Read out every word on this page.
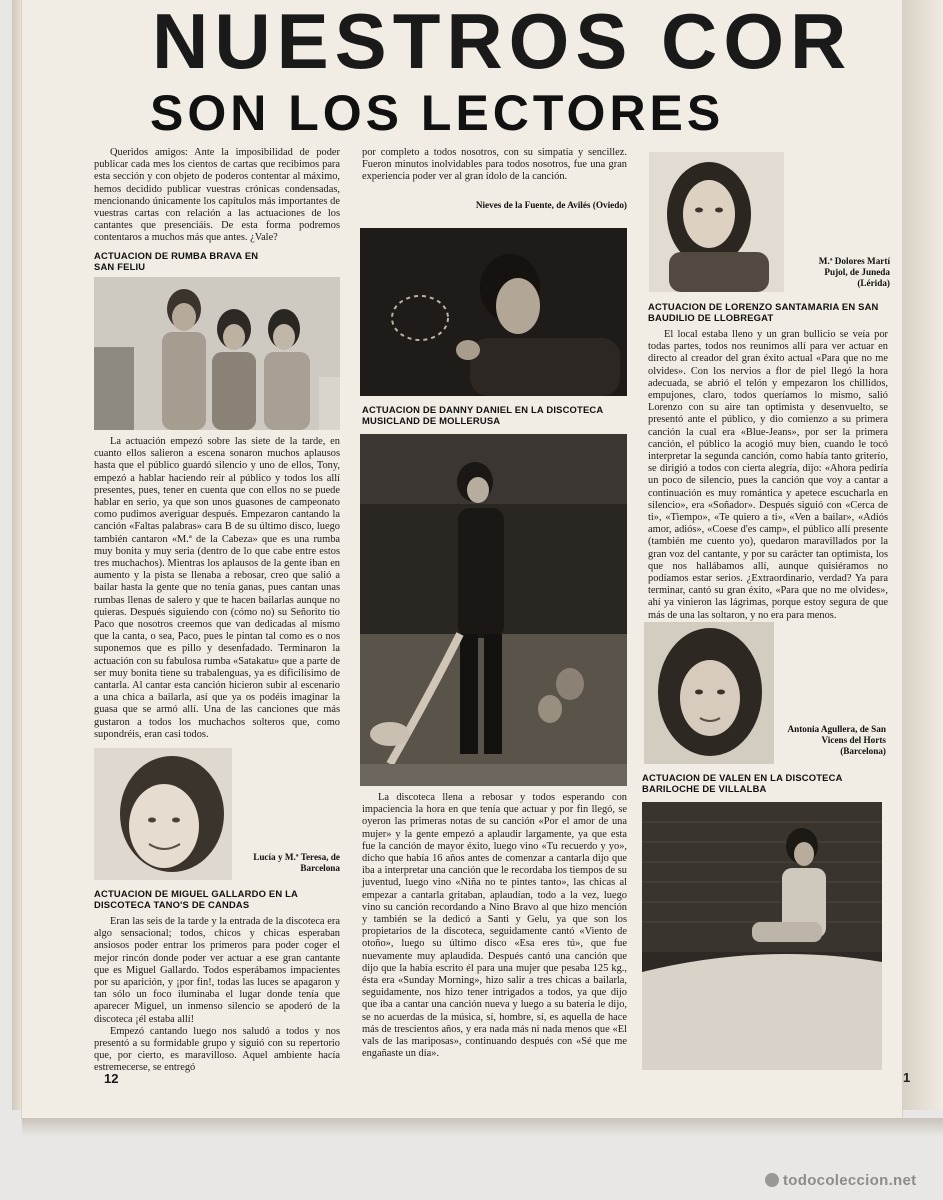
NUESTROS COR
SON LOS LECTORES

Queridos amigos: Ante la imposibilidad de poder publicar cada mes los cientos de cartas que recibimos para esta sección y con objeto de poderos contentar al máximo, hemos decidido publicar vuestras crónicas condensadas, mencionando únicamente los capítulos más importantes de vuestras cartas con relación a las actuaciones de los cantantes que presenciáis. De esta forma podremos contentaros a muchos más que antes. ¿Vale?

ACTUACION DE RUMBA BRAVA EN SAN FELIU

La actuación empezó sobre las siete de la tarde, en cuanto ellos salieron a escena sonaron muchos aplausos hasta que el público guardó silencio y uno de ellos, Tony, empezó a hablar haciendo reír al público y todos los allí presentes, pues, tener en cuenta que con ellos no se puede hablar en serio, ya que son unos guasones de campeonato como pudimos averiguar después. Empezaron cantando la canción «Faltas palabras» cara B de su último disco, luego también cantaron «M.ª de la Cabeza» que es una rumba muy bonita y muy seria (dentro de lo que cabe entre estos tres muchachos). Mientras los aplausos de la gente iban en aumento y la pista se llenaba a rebosar, creo que salió a bailar hasta la gente que no tenía ganas, pues cantan unas rumbas llenas de salero y que te hacen bailarlas aunque no quieras. Después siguiendo con (cómo no) su Señorito tío Paco que nosotros creemos que van dedicadas al mismo que la canta, o sea, Paco, pues le pintan tal como es o nos suponemos que es pillo y desenfadado. Terminaron la actuación con su fabulosa rumba «Satakatu» que a parte de ser muy bonita tiene su trabalenguas, ya es dificilísimo de cantarla. Al cantar esta canción hicieron subir al escenario a una chica a bailarla, así que ya os podéis imaginar la guasa que se armó allí. Una de las canciones que más gustaron a todos los muchachos solteros que, como supondréis, eran casi todos.

Lucía y M.ª Teresa, de Barcelona
ACTUACION DE MIGUEL GALLARDO EN LA DISCOTECA TANO'S DE CANDAS

Eran las seis de la tarde y la entrada de la discoteca era algo sensacional; todos, chicos y chicas esperaban ansiosos poder entrar los primeros para poder coger el mejor rincón donde poder ver actuar a ese gran cantante que es Miguel Gallardo. Todos esperábamos impacientes por su aparición, y ¡por fin!, todas las luces se apagaron y tan sólo un foco iluminaba el lugar donde tenía que aparecer Miguel, un inmenso silencio se apoderó de la discoteca ¡él estaba allí!

Empezó cantando luego nos saludó a todos y nos presentó a su formidable grupo y siguió con su repertorio que, por cierto, es maravilloso. Aquel ambiente hacía estremecerse, se entregó

por completo a todos nosotros, con su simpatía y sencillez. Fueron minutos inolvidables para todos nosotros, fue una gran experiencia poder ver al gran ídolo de la canción.

Nieves de la Fuente, de Avilés (Oviedo)
ACTUACION DE DANNY DANIEL EN LA DISCOTECA MUSICLAND DE MOLLERUSA

La discoteca llena a rebosar y todos esperando con impaciencia la hora en que tenía que actuar y por fin llegó, se oyeron las primeras notas de su canción «Por el amor de una mujer» y la gente empezó a aplaudir largamente, ya que esta fue la canción de mayor éxito, luego vino «Tu recuerdo y yo», dicho que había 16 años antes de comenzar a cantarla dijo que iba a interpretar una canción que le recordaba los tiempos de su juventud, luego vino «Niña no te pintes tanto», las chicas al empezar a cantarla gritaban, aplaudían, todo a la vez, luego vino su canción recordando a Nino Bravo al que hizo mención y también se la dedicó a Santi y Gelu, ya que son los propietarios de la discoteca, seguidamente cantó «Viento de otoño», luego su último disco «Esa eres tú», que fue nuevamente muy aplaudida. Después cantó una canción que dijo que la había escrito él para una mujer que pesaba 125 kg., ésta era «Sunday Morning», hizo salir a tres chicas a bailarla, seguidamente, nos hizo tener intrigados a todos, ya que dijo que iba a cantar una canción nueva y luego a su batería le dijo, se no acuerdas de la música, sí, hombre, sí, es aquella de hace más de trescientos años, y era nada más ni nada menos que «El vals de las mariposas», continuando después con «Sé que me engañaste un día».

M.ª Dolores Martí Pujol, de Juneda (Lérida)
ACTUACION DE LORENZO SANTAMARIA EN SAN BAUDILIO DE LLOBREGAT

El local estaba lleno y un gran bullicio se veía por todas partes, todos nos reunimos allí para ver actuar en directo al creador del gran éxito actual «Para que no me olvides». Con los nervios a flor de piel llegó la hora adecuada, se abrió el telón y empezaron los chillidos, empujones, claro, todos queríamos lo mismo, salió Lorenzo con su aire tan optimista y desenvuelto, se presentó ante el público, y dio comienzo a su primera canción la cual era «Blue-Jeans», por ser la primera canción, el público la acogió muy bien, cuando le tocó interpretar la segunda canción, como había tanto griterío, se dirigió a todos con cierta alegría, dijo: «Ahora pediría un poco de silencio, pues la canción que voy a cantar a continuación es muy romántica y apetece escucharla en silencio», era «Soñador». Después siguió con «Cerca de ti», «Tiempo», «Te quiero a ti», «Ven a bailar», «Adiós amor, adiós», «Coese d'es camp», el público allí presente (también me cuento yo), quedaron maravillados por la gran voz del cantante, y por su carácter tan optimista, los que nos hallábamos allí, aunque quisiéramos no podíamos estar serios. ¿Extraordinario, verdad? Ya para terminar, cantó su gran éxito, «Para que no me olvides», ahí ya vinieron las lágrimas, porque estoy segura de que más de una las soltaron, y no era para menos.

Antonia Agullera, de San Vicens del Horts (Barcelona)
ACTUACION DE VALEN EN LA DISCOTECA BARILOCHE DE VILLALBA
12	1
todocoleccion.net
